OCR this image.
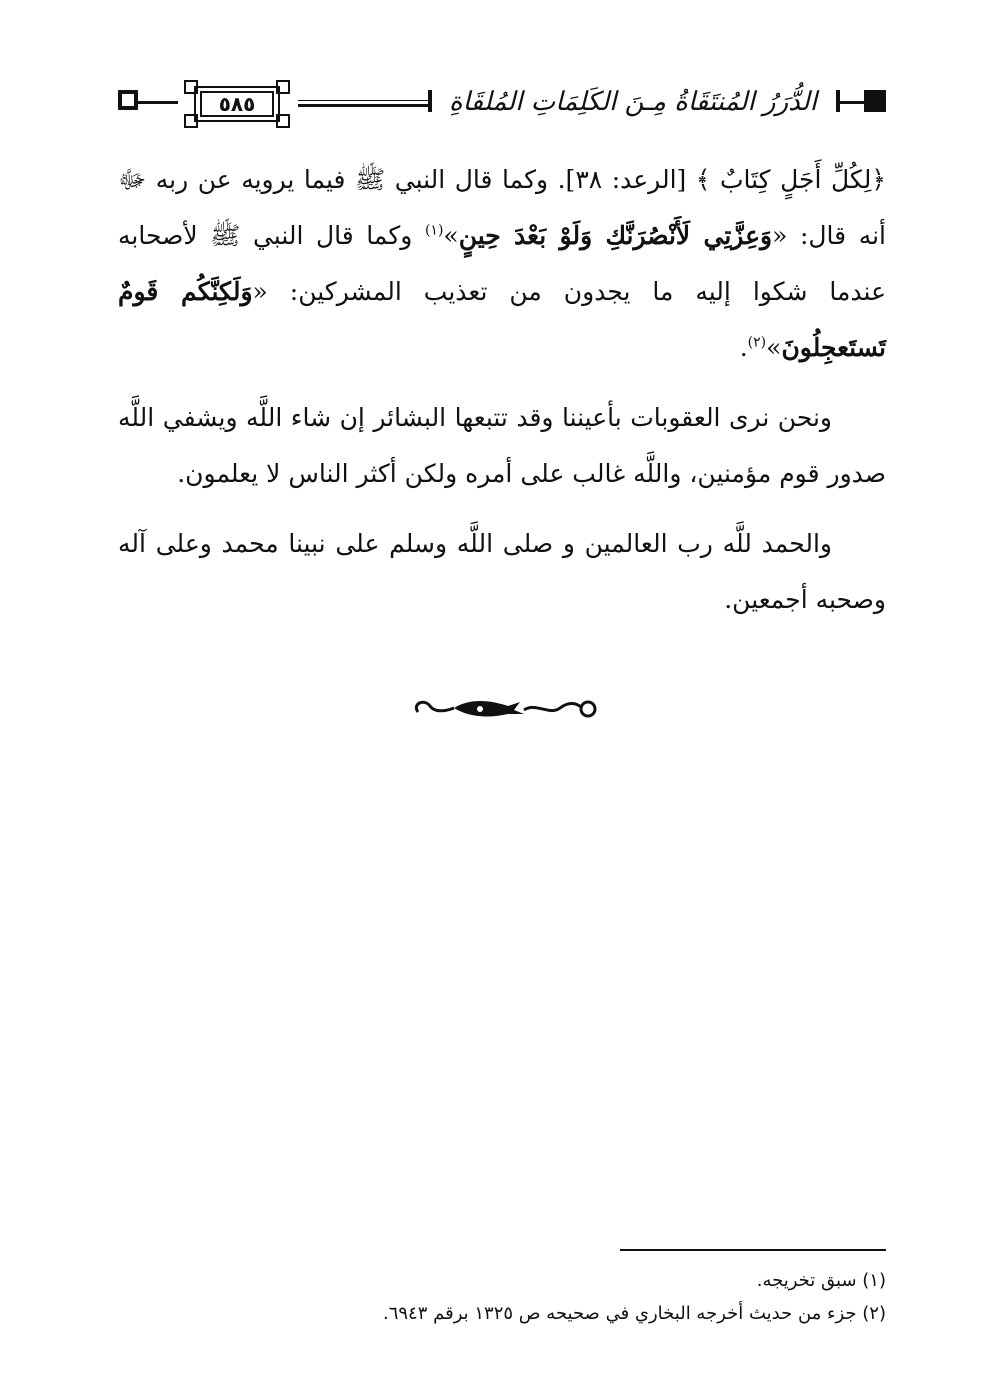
٥٨٥	الدُّرَرُ المُنتَقَاةُ مِـنَ الكَلِمَاتِ المُلقَاةِ

﴿لِكُلِّ أَجَلٍ كِتَابٌ ﴾ [الرعد: ٣٨]. وكما قال النبي ﷺ فيما يرويه عن ربه ﷻ أنه قال: «وَعِزَّتِي لَأَنْصُرَنَّكِ وَلَوْ بَعْدَ حِينٍ»$^{(١)}$ وكما قال النبي ﷺ لأصحابه عندما شكوا إليه ما يجدون من تعذيب المشركين: «وَلَكِنَّكُم قَومٌ تَستَعجِلُونَ»$^{(٢)}$.

ونحن نرى العقوبات بأعيننا وقد تتبعها البشائر إن شاء اللَّه ويشفي اللَّه صدور قوم مؤمنين، واللَّه غالب على أمره ولكن أكثر الناس لا يعلمون.

والحمد للَّه رب العالمين و صلى اللَّه وسلم على نبينا محمد وعلى آله وصحبه أجمعين.

(١) سبق تخريجه.
(٢) جزء من حديث أخرجه البخاري في صحيحه ص ١٣٢٥ برقم ٦٩٤٣.
